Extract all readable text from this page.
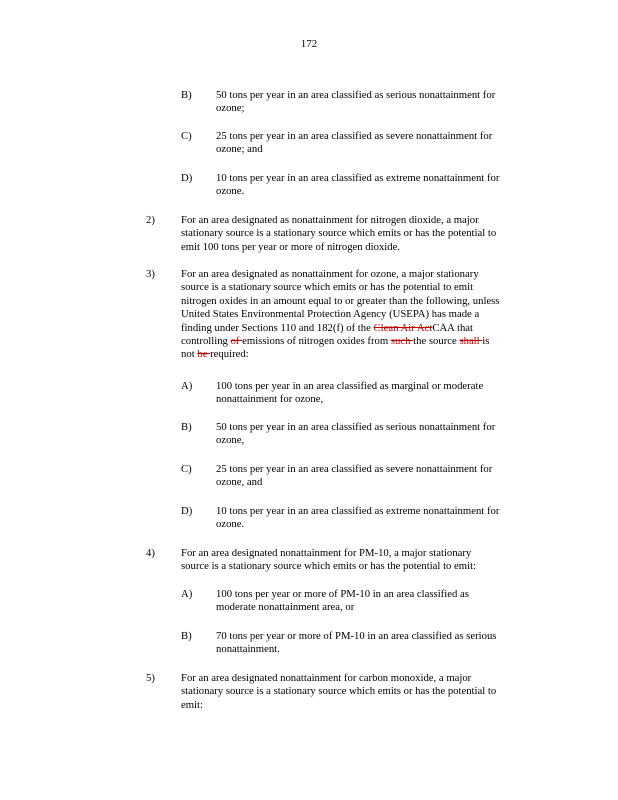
172
B) 50 tons per year in an area classified as serious nonattainment for
ozone;
C) 25 tons per year in an area classified as severe nonattainment for
ozone; and
D) 10 tons per year in an area classified as extreme nonattainment for
ozone.
2) For an area designated as nonattainment for nitrogen dioxide, a major
stationary source is a stationary source which emits or has the potential to
emit 100 tons per year or more of nitrogen dioxide.
3) For an area designated as nonattainment for ozone, a major stationary
source is a stationary source which emits or has the potential to emit
nitrogen oxides in an amount equal to or greater than the following, unless
United States Environmental Protection Agency (USEPA) has made a
finding under Sections 110 and 182(f) of the Clean Air ActCAA that
controlling of emissions of nitrogen oxides from such the source shall is
not be required:
A) 100 tons per year in an area classified as marginal or moderate
nonattainment for ozone,
B) 50 tons per year in an area classified as serious nonattainment for
ozone,
C) 25 tons per year in an area classified as severe nonattainment for
ozone, and
D) 10 tons per year in an area classified as extreme nonattainment for
ozone.
4) For an area designated nonattainment for PM-10, a major stationary
source is a stationary source which emits or has the potential to emit:
A) 100 tons per year or more of PM-10 in an area classified as
moderate nonattainment area, or
B) 70 tons per year or more of PM-10 in an area classified as serious
nonattainment.
5) For an area designated nonattainment for carbon monoxide, a major
stationary source is a stationary source which emits or has the potential to
emit:
